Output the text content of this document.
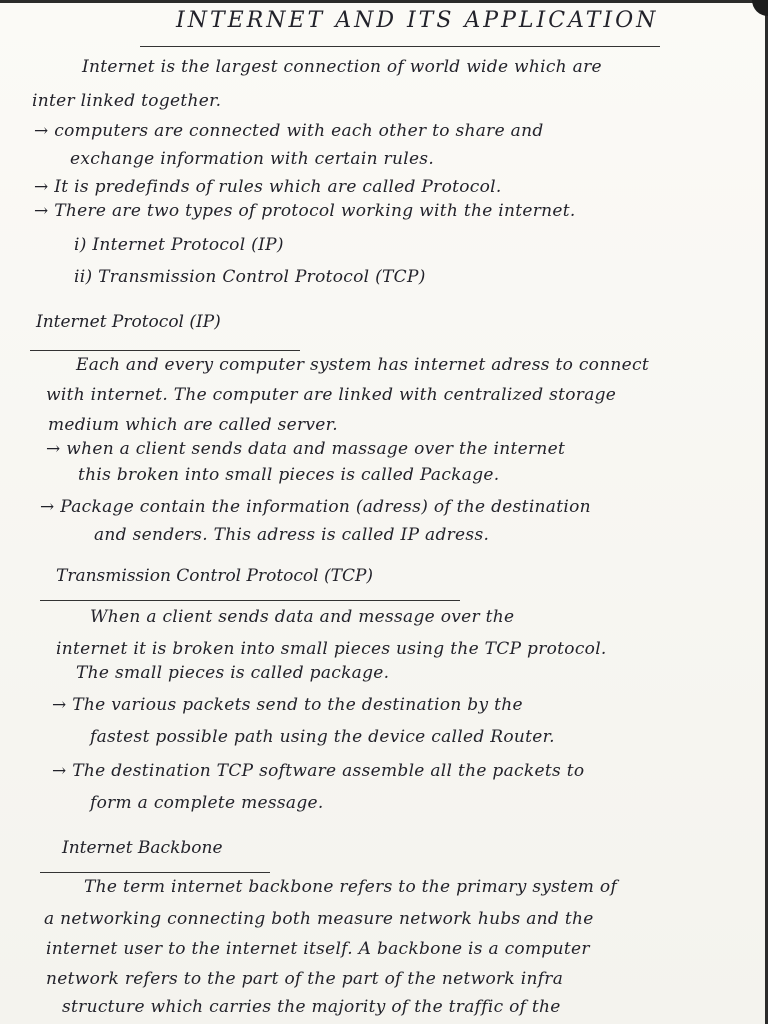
INTERNET AND ITS APPLICATION
Internet is the largest connection of world wide which are
inter linked together.
→ computers are connected with each other to share and
exchange information with certain rules.
→ It is predefinds of rules which are called Protocol.
→ There are two types of protocol working with the internet.
i) Internet Protocol (IP)
ii) Transmission Control Protocol (TCP)
Internet Protocol (IP)
Each and every computer system has internet adress to connect
with internet. The computer are linked with centralized storage
medium which are called server.
→ when a client sends data and massage over the internet
this broken into small pieces is called Package.
→ Package contain the information (adress) of the destination
and senders. This adress is called IP adress.
Transmission Control Protocol (TCP)
When a client sends data and message over the
internet it is broken into small pieces using the TCP protocol.
The small pieces is called package.
→ The various packets send to the destination by the
fastest possible path using the device called Router.
→ The destination TCP software assemble all the packets to
form a complete message.
Internet Backbone
The term internet backbone refers to the primary system of
a networking connecting both measure network hubs and the
internet user to the internet itself. A backbone is a computer
network refers to the part of the part of the network infra
structure which carries the majority of the traffic of the
